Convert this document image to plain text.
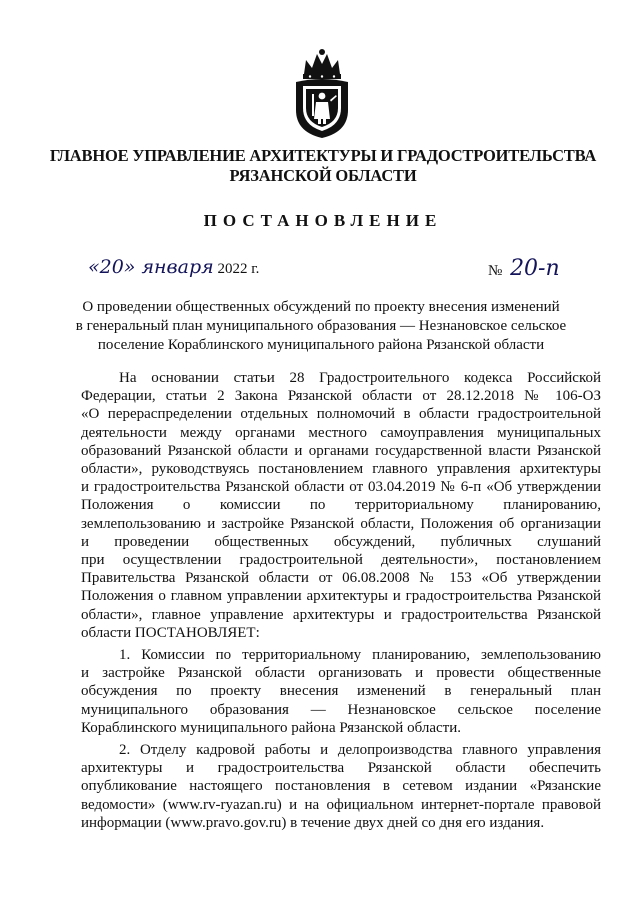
ГЛАВНОЕ УПРАВЛЕНИЕ АРХИТЕКТУРЫ И ГРАДОСТРОИТЕЛЬСТВА
РЯЗАНСКОЙ ОБЛАСТИ
ПОСТАНОВЛЕНИЕ
«20» января 2022 г.	№ 20-п
О проведении общественных обсуждений по проекту внесения изменений
в генеральный план муниципального образования — Незнановское сельское
поселение Кораблинского муниципального района Рязанской области
На основании статьи 28 Градостроительного кодекса Российской
Федерации, статьи 2 Закона Рязанской области от 28.12.2018 № 106-ОЗ
«О перераспределении отдельных полномочий в области градостроительной
деятельности между органами местного самоуправления муниципальных
образований Рязанской области и органами государственной власти Рязанской
области», руководствуясь постановлением главного управления архитектуры
и градостроительства Рязанской области от 03.04.2019 № 6-п «Об утверждении
Положения о комиссии по территориальному планированию,
землепользованию и застройке Рязанской области, Положения об организации
и проведении общественных обсуждений, публичных слушаний
при осуществлении градостроительной деятельности», постановлением
Правительства Рязанской области от 06.08.2008 № 153 «Об утверждении
Положения о главном управлении архитектуры и градостроительства Рязанской
области», главное управление архитектуры и градостроительства Рязанской
области ПОСТАНОВЛЯЕТ:
1. Комиссии по территориальному планированию, землепользованию
и застройке Рязанской области организовать и провести общественные
обсуждения по проекту внесения изменений в генеральный план
муниципального образования — Незнановское сельское поселение
Кораблинского муниципального района Рязанской области.
2. Отделу кадровой работы и делопроизводства главного управления
архитектуры и градостроительства Рязанской области обеспечить
опубликование настоящего постановления в сетевом издании «Рязанские
ведомости» (www.rv-ryazan.ru) и на официальном интернет-портале правовой
информации (www.pravo.gov.ru) в течение двух дней со дня его издания.
